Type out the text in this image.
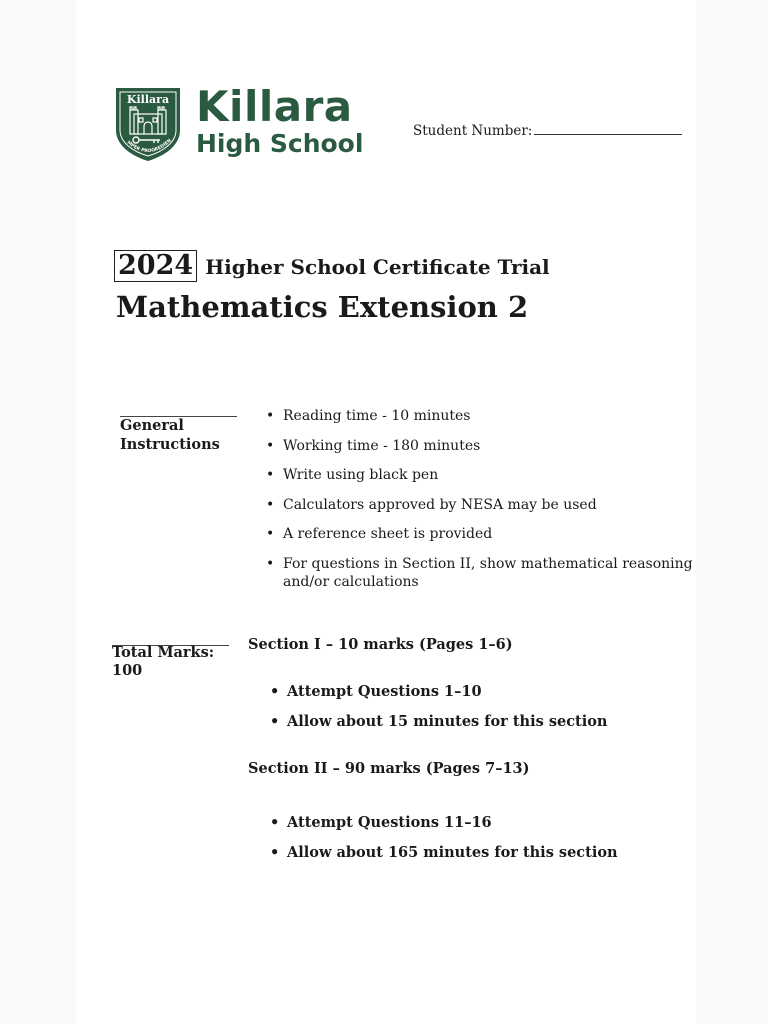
Killara
MPER PROGREDIEN
Killara
High School	Student Number:
2024 Higher School Certificate Trial
Mathematics Extension 2
General Instructions
• Reading time - 10 minutes
• Working time - 180 minutes
• Write using black pen
• Calculators approved by NESA may be used
• A reference sheet is provided
• For questions in Section II, show mathematical reasoning and/or calculations
Total Marks: 100
Section I – 10 marks (Pages 1–6)
• Attempt Questions 1–10
• Allow about 15 minutes for this section
Section II – 90 marks (Pages 7–13)
• Attempt Questions 11–16
• Allow about 165 minutes for this section
